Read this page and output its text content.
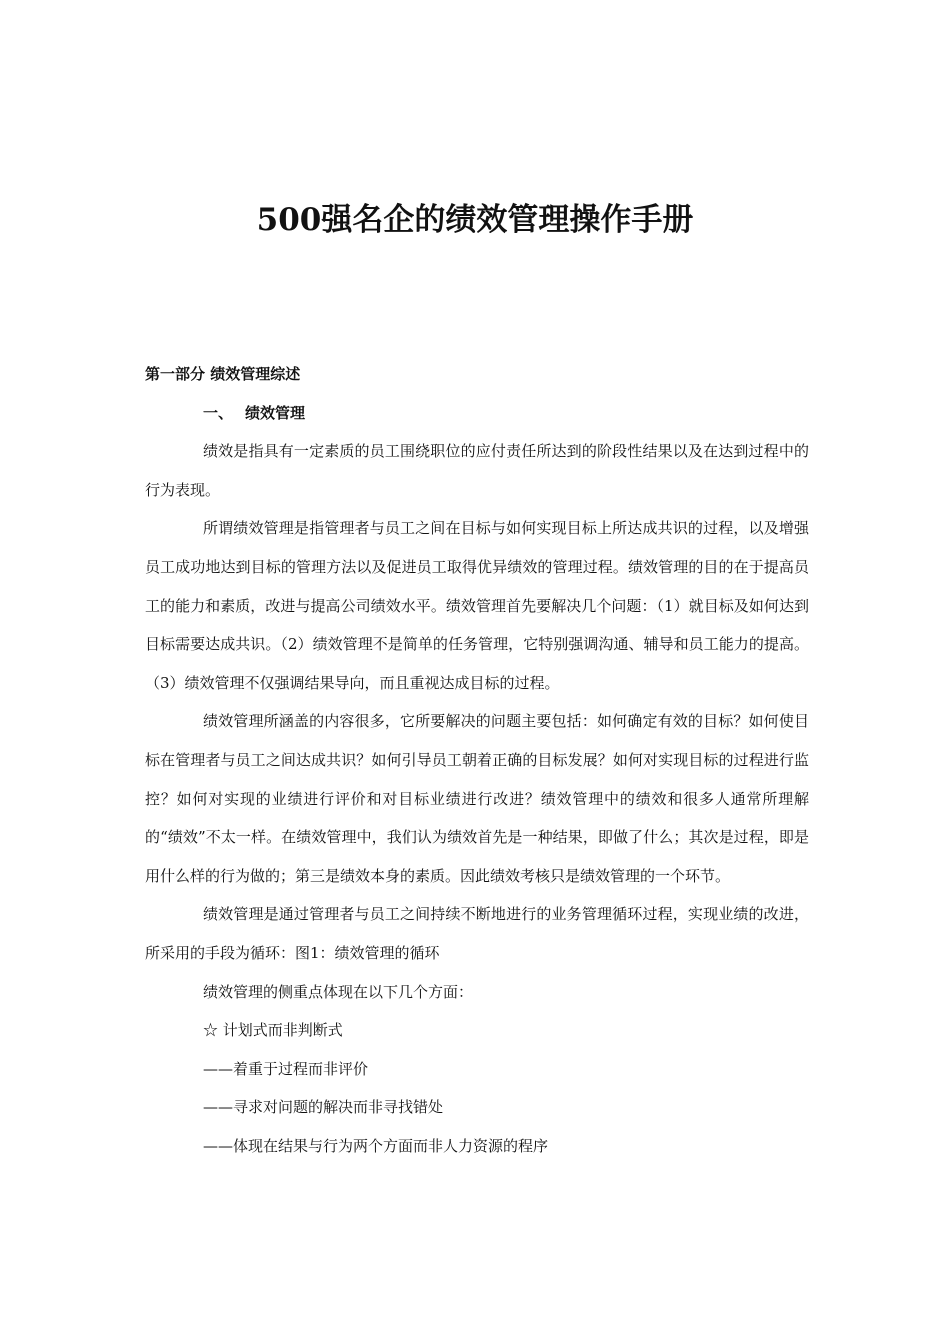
500强名企的绩效管理操作手册

第一部分 绩效管理综述

一、 绩效管理

绩效是指具有一定素质的员工围绕职位的应付责任所达到的阶段性结果以及在达到过程中的行为表现。

所谓绩效管理是指管理者与员工之间在目标与如何实现目标上所达成共识的过程，以及增强员工成功地达到目标的管理方法以及促进员工取得优异绩效的管理过程。绩效管理的目的在于提高员工的能力和素质，改进与提高公司绩效水平。绩效管理首先要解决几个问题：（1）就目标及如何达到目标需要达成共识。（2）绩效管理不是简单的任务管理，它特别强调沟通、辅导和员工能力的提高。（3）绩效管理不仅强调结果导向，而且重视达成目标的过程。

绩效管理所涵盖的内容很多，它所要解决的问题主要包括：如何确定有效的目标？如何使目标在管理者与员工之间达成共识？如何引导员工朝着正确的目标发展？如何对实现目标的过程进行监控？如何对实现的业绩进行评价和对目标业绩进行改进？绩效管理中的绩效和很多人通常所理解的“绩效”不太一样。在绩效管理中，我们认为绩效首先是一种结果，即做了什么；其次是过程，即是用什么样的行为做的；第三是绩效本身的素质。因此绩效考核只是绩效管理的一个环节。

绩效管理是通过管理者与员工之间持续不断地进行的业务管理循环过程，实现业绩的改进，所采用的手段为循环：图1：绩效管理的循环

绩效管理的侧重点体现在以下几个方面：

☆ 计划式而非判断式

——着重于过程而非评价

——寻求对问题的解决而非寻找错处

——体现在结果与行为两个方面而非人力资源的程序
